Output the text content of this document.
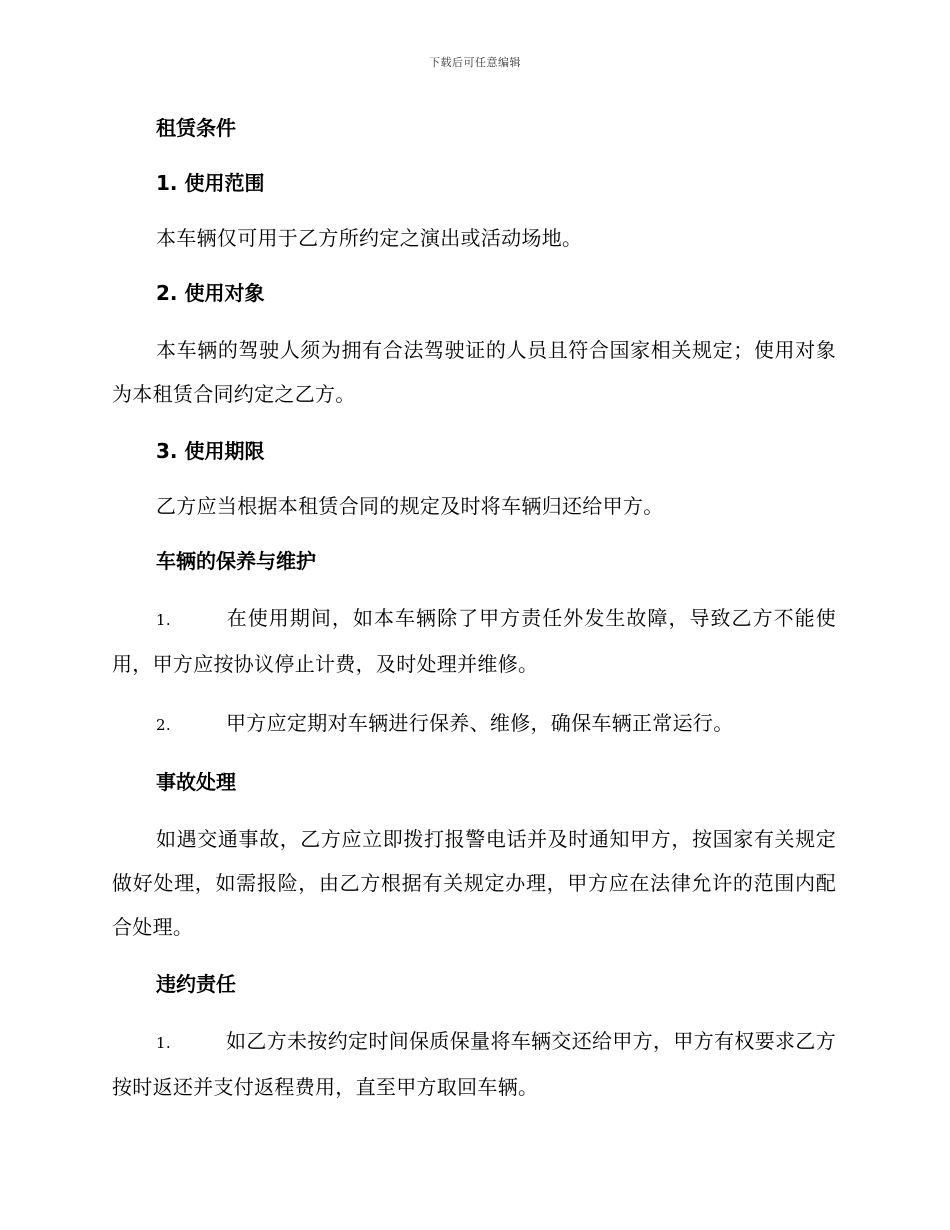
下载后可任意编辑
租赁条件
1. 使用范围
本车辆仅可用于乙方所约定之演出或活动场地。
2. 使用对象
本车辆的驾驶人须为拥有合法驾驶证的人员且符合国家相关规定；使用对象为本租赁合同约定之乙方。
3. 使用期限
乙方应当根据本租赁合同的规定及时将车辆归还给甲方。
车辆的保养与维护
1.	在使用期间，如本车辆除了甲方责任外发生故障，导致乙方不能使用，甲方应按协议停止计费，及时处理并维修。
2.	甲方应定期对车辆进行保养、维修，确保车辆正常运行。
事故处理
如遇交通事故，乙方应立即拨打报警电话并及时通知甲方，按国家有关规定做好处理，如需报险，由乙方根据有关规定办理，甲方应在法律允许的范围内配合处理。
违约责任
1.	如乙方未按约定时间保质保量将车辆交还给甲方，甲方有权要求乙方按时返还并支付返程费用，直至甲方取回车辆。
